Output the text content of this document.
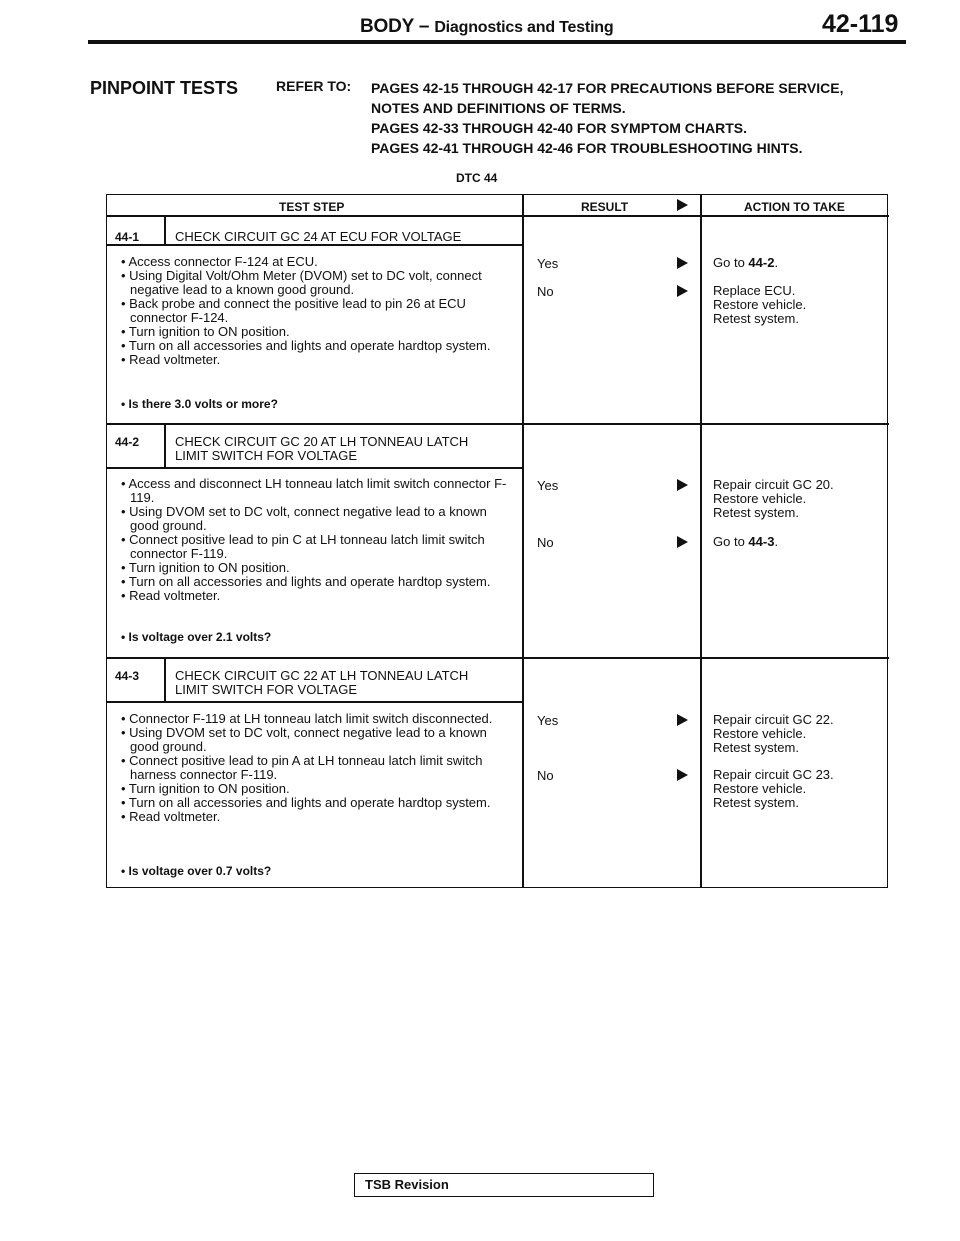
BODY – Diagnostics and Testing	42-119
PINPOINT TESTS	REFER TO: PAGES 42-15 THROUGH 42-17 FOR PRECAUTIONS BEFORE SERVICE,
NOTES AND DEFINITIONS OF TERMS.
PAGES 42-33 THROUGH 42-40 FOR SYMPTOM CHARTS.
PAGES 42-41 THROUGH 42-46 FOR TROUBLESHOOTING HINTS.
DTC 44
TEST STEP	RESULT	ACTION TO TAKE
44-1	CHECK CIRCUIT GC 24 AT ECU FOR VOLTAGE
• Access connector F-124 at ECU.
• Using Digital Volt/Ohm Meter (DVOM) set to DC volt, connect negative lead to a known good ground.
• Back probe and connect the positive lead to pin 26 at ECU connector F-124.
• Turn ignition to ON position.
• Turn on all accessories and lights and operate hardtop system.
• Read voltmeter.
• Is there 3.0 volts or more?
Yes	Go to 44-2.
No	Replace ECU.
Restore vehicle.
Retest system.
44-2	CHECK CIRCUIT GC 20 AT LH TONNEAU LATCH
LIMIT SWITCH FOR VOLTAGE
• Access and disconnect LH tonneau latch limit switch connector F-119.
• Using DVOM set to DC volt, connect negative lead to a known good ground.
• Connect positive lead to pin C at LH tonneau latch limit switch connector F-119.
• Turn ignition to ON position.
• Turn on all accessories and lights and operate hardtop system.
• Read voltmeter.
• Is voltage over 2.1 volts?
Yes	Repair circuit GC 20.
Restore vehicle.
Retest system.
No	Go to 44-3.
44-3	CHECK CIRCUIT GC 22 AT LH TONNEAU LATCH
LIMIT SWITCH FOR VOLTAGE
• Connector F-119 at LH tonneau latch limit switch disconnected.
• Using DVOM set to DC volt, connect negative lead to a known good ground.
• Connect positive lead to pin A at LH tonneau latch limit switch harness connector F-119.
• Turn ignition to ON position.
• Turn on all accessories and lights and operate hardtop system.
• Read voltmeter.
• Is voltage over 0.7 volts?
Yes	Repair circuit GC 22.
Restore vehicle.
Retest system.
No	Repair circuit GC 23.
Restore vehicle.
Retest system.
TSB Revision
